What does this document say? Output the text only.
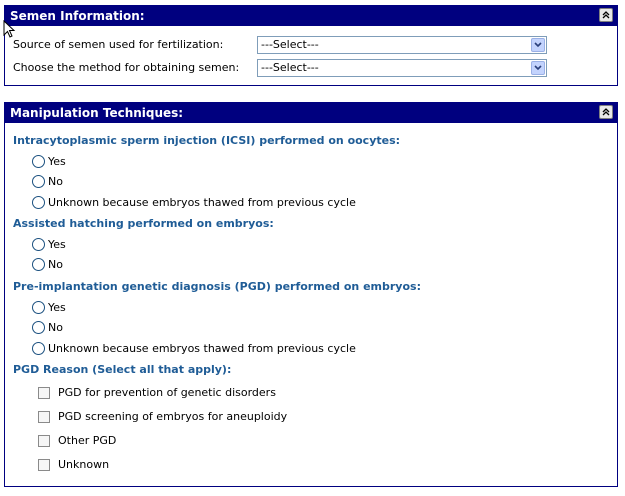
Semen Information:
Source of semen used for fertilization:	---Select---
Choose the method for obtaining semen:	---Select---
Manipulation Techniques:
Intracytoplasmic sperm injection (ICSI) performed on oocytes:
Yes
No
Unknown because embryos thawed from previous cycle
Assisted hatching performed on embryos:
Yes
No
Pre-implantation genetic diagnosis (PGD) performed on embryos:
Yes
No
Unknown because embryos thawed from previous cycle
PGD Reason (Select all that apply):
PGD for prevention of genetic disorders
PGD screening of embryos for aneuploidy
Other PGD
Unknown
